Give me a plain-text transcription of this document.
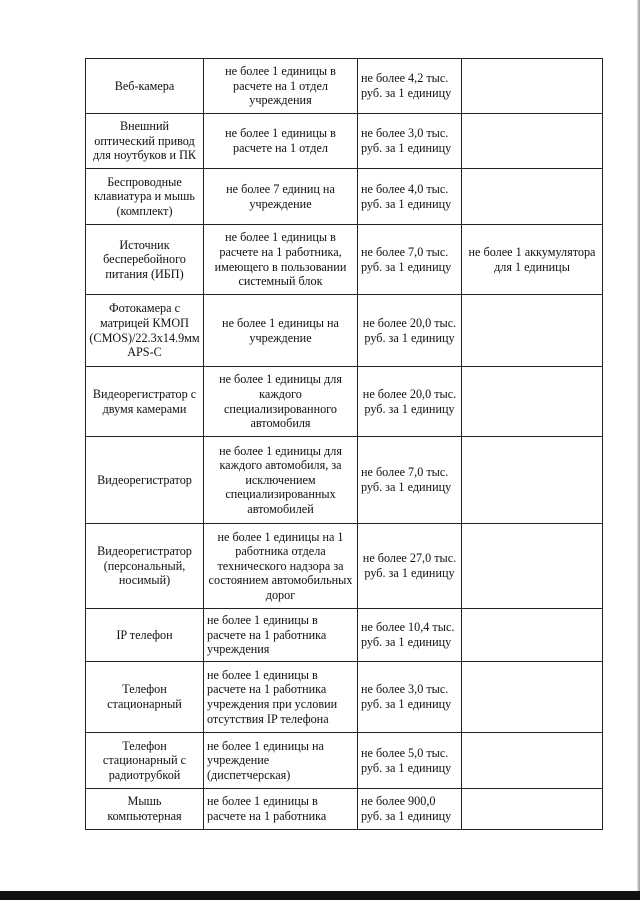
Веб-камера	не более 1 единицы в расчете на 1 отдел учреждения	не более 4,2 тыс. руб. за 1 единицу	
Внешний оптический привод для ноутбуков и ПК	не более 1 единицы в расчете на 1 отдел	не более 3,0 тыс. руб. за 1 единицу	
Беспроводные клавиатура и мышь (комплект)	не более 7 единиц на учреждение	не более 4,0 тыс. руб. за 1 единицу	
Источник бесперебойного питания (ИБП)	не более 1 единицы в расчете на 1 работника, имеющего в пользовании системный блок	не более 7,0 тыс. руб. за 1 единицу	не более 1 аккумулятора для 1 единицы
Фотокамера с матрицей КМОП (CMOS)/22.3x14.9мм APS-C	не более 1 единицы на учреждение	не более 20,0 тыс. руб. за 1 единицу	
Видеорегистратор с двумя камерами	не более 1 единицы для каждого специализированного автомобиля	не более 20,0 тыс. руб. за 1 единицу	
Видеорегистратор	не более 1 единицы для каждого автомобиля, за исключением специализированных автомобилей	не более 7,0 тыс. руб. за 1 единицу	
Видеорегистратор (персональный, носимый)	не более 1 единицы на 1 работника отдела технического надзора за состоянием автомобильных дорог	не более 27,0 тыс. руб. за 1 единицу	
IP телефон	не более 1 единицы в расчете на 1 работника учреждения	не более 10,4 тыс. руб. за 1 единицу	
Телефон стационарный	не более 1 единицы в расчете на 1 работника учреждения при условии отсутствия IP телефона	не более 3,0 тыс. руб. за 1 единицу	
Телефон стационарный с радиотрубкой	не более 1 единицы на учреждение (диспетчерская)	не более 5,0 тыс. руб. за 1 единицу	
Мышь компьютерная	не более 1 единицы в расчете на 1 работника	не более 900,0 руб. за 1 единицу	
